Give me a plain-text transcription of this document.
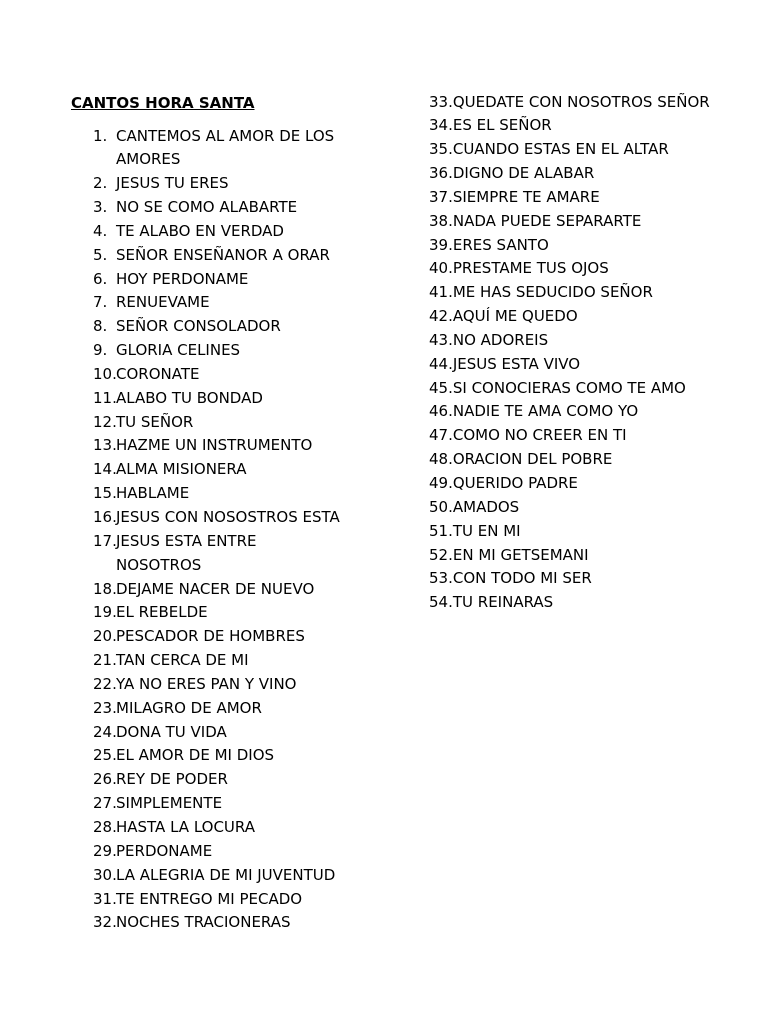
CANTOS HORA SANTA
1. CANTEMOS AL AMOR DE LOS AMORES
2. JESUS TU ERES
3. NO SE COMO ALABARTE
4. TE ALABO EN VERDAD
5. SEÑOR ENSEÑANOR A ORAR
6. HOY PERDONAME
7. RENUEVAME
8. SEÑOR CONSOLADOR
9. GLORIA CELINES
10. CORONATE
11. ALABO TU BONDAD
12. TU SEÑOR
13. HAZME UN INSTRUMENTO
14. ALMA MISIONERA
15. HABLAME
16. JESUS CON NOSOSTROS ESTA
17. JESUS ESTA ENTRE NOSOTROS
18. DEJAME NACER DE NUEVO
19. EL REBELDE
20. PESCADOR DE HOMBRES
21. TAN CERCA DE MI
22. YA NO ERES PAN Y VINO
23. MILAGRO DE AMOR
24. DONA TU VIDA
25. EL AMOR DE MI DIOS
26. REY DE PODER
27. SIMPLEMENTE
28. HASTA LA LOCURA
29. PERDONAME
30. LA ALEGRIA DE MI JUVENTUD
31. TE ENTREGO MI PECADO
32. NOCHES TRACIONERAS
33. QUEDATE CON NOSOTROS SEÑOR
34. ES EL SEÑOR
35. CUANDO ESTAS EN EL ALTAR
36. DIGNO DE ALABAR
37. SIEMPRE TE AMARE
38. NADA PUEDE SEPARARTE
39. ERES SANTO
40. PRESTAME TUS OJOS
41. ME HAS SEDUCIDO SEÑOR
42. AQUÍ ME QUEDO
43. NO ADOREIS
44. JESUS ESTA VIVO
45. SI CONOCIERAS COMO TE AMO
46. NADIE TE AMA COMO YO
47. COMO NO CREER EN TI
48. ORACION DEL POBRE
49. QUERIDO PADRE
50. AMADOS
51. TU EN MI
52. EN MI GETSEMANI
53. CON TODO MI SER
54. TU REINARAS
